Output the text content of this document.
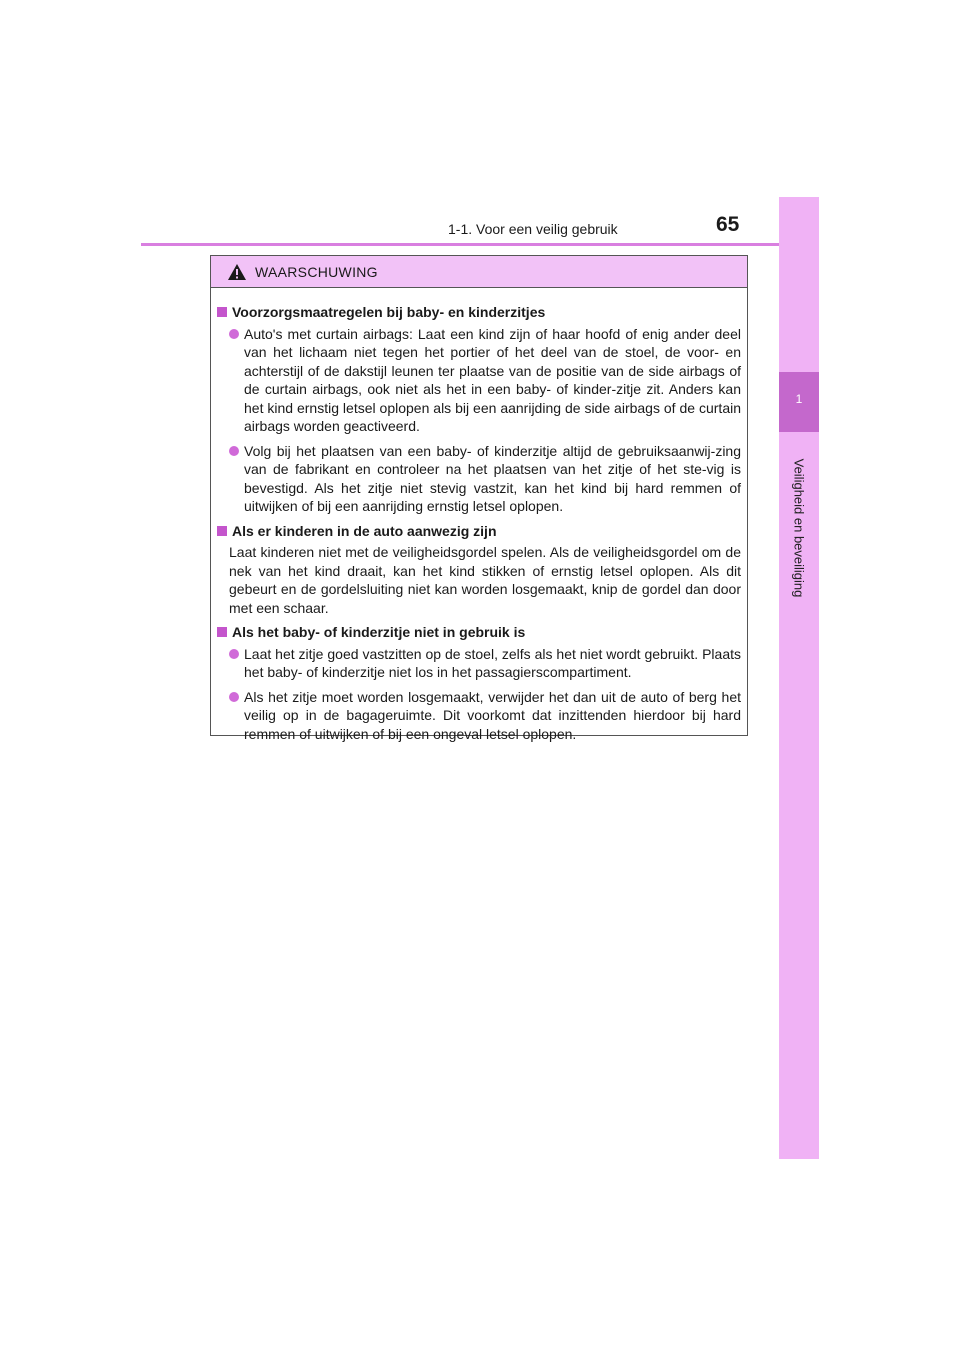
1-1. Voor een veilig gebruik	65
1
Veiligheid en beveiliging
WAARSCHUWING
Voorzorgsmaatregelen bij baby- en kinderzitjes
Auto's met curtain airbags: Laat een kind zijn of haar hoofd of enig ander deel van het lichaam niet tegen het portier of het deel van de stoel, de voor- en achterstijl of de dakstijl leunen ter plaatse van de positie van de side airbags of de curtain airbags, ook niet als het in een baby- of kinder-zitje zit. Anders kan het kind ernstig letsel oplopen als bij een aanrijding de side airbags of de curtain airbags worden geactiveerd.
Volg bij het plaatsen van een baby- of kinderzitje altijd de gebruiksaanwij-zing van de fabrikant en controleer na het plaatsen van het zitje of het ste-vig is bevestigd. Als het zitje niet stevig vastzit, kan het kind bij hard remmen of uitwijken of bij een aanrijding ernstig letsel oplopen.
Als er kinderen in de auto aanwezig zijn
Laat kinderen niet met de veiligheidsgordel spelen. Als de veiligheidsgordel om de nek van het kind draait, kan het kind stikken of ernstig letsel oplopen. Als dit gebeurt en de gordelsluiting niet kan worden losgemaakt, knip de gordel dan door met een schaar.
Als het baby- of kinderzitje niet in gebruik is
Laat het zitje goed vastzitten op de stoel, zelfs als het niet wordt gebruikt. Plaats het baby- of kinderzitje niet los in het passagierscompartiment.
Als het zitje moet worden losgemaakt, verwijder het dan uit de auto of berg het veilig op in de bagageruimte. Dit voorkomt dat inzittenden hierdoor bij hard remmen of uitwijken of bij een ongeval letsel oplopen.
